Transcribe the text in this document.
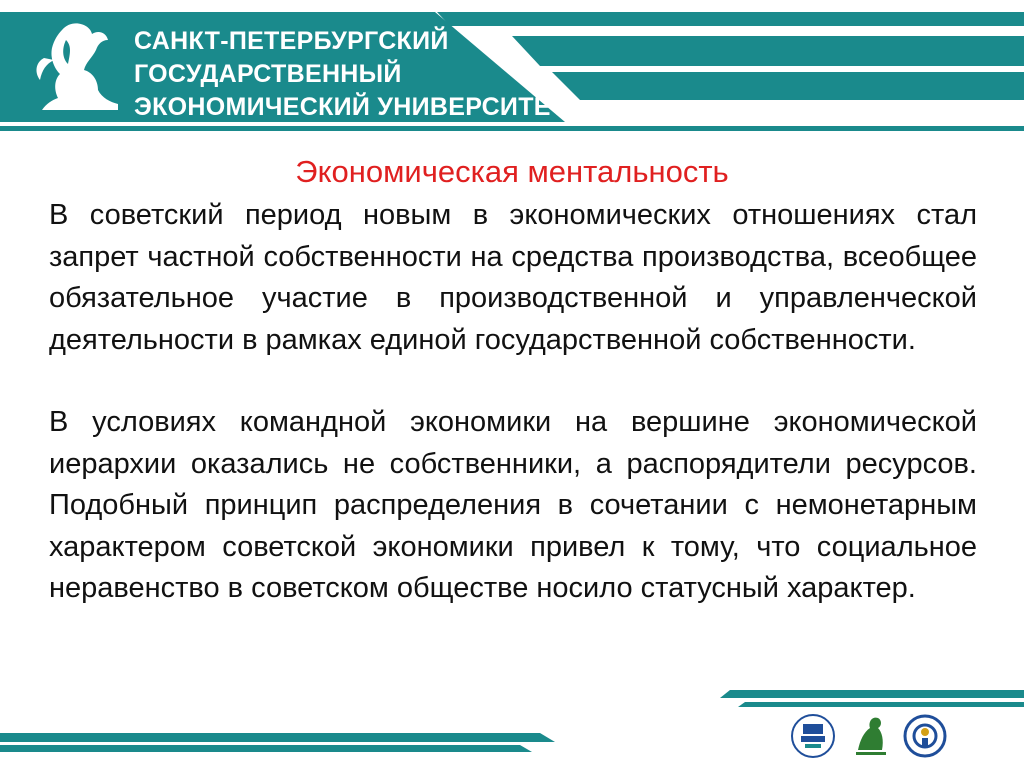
САНКТ-ПЕТЕРБУРГСКИЙ
ГОСУДАРСТВЕННЫЙ
ЭКОНОМИЧЕСКИЙ УНИВЕРСИТЕТ
Экономическая ментальность

В советский период новым в экономических отношениях стал запрет частной собственности на средства производства, всеобщее обязательное участие в производственной и управленческой деятельности в рамках единой государственной собственности.

В условиях командной экономики на вершине экономической иерархии оказались не собственники, а распорядители ресурсов. Подобный принцип распределения в сочетании с немонетарным характером советской экономики привел к тому, что социальное неравенство в советском обществе носило статусный характер.
